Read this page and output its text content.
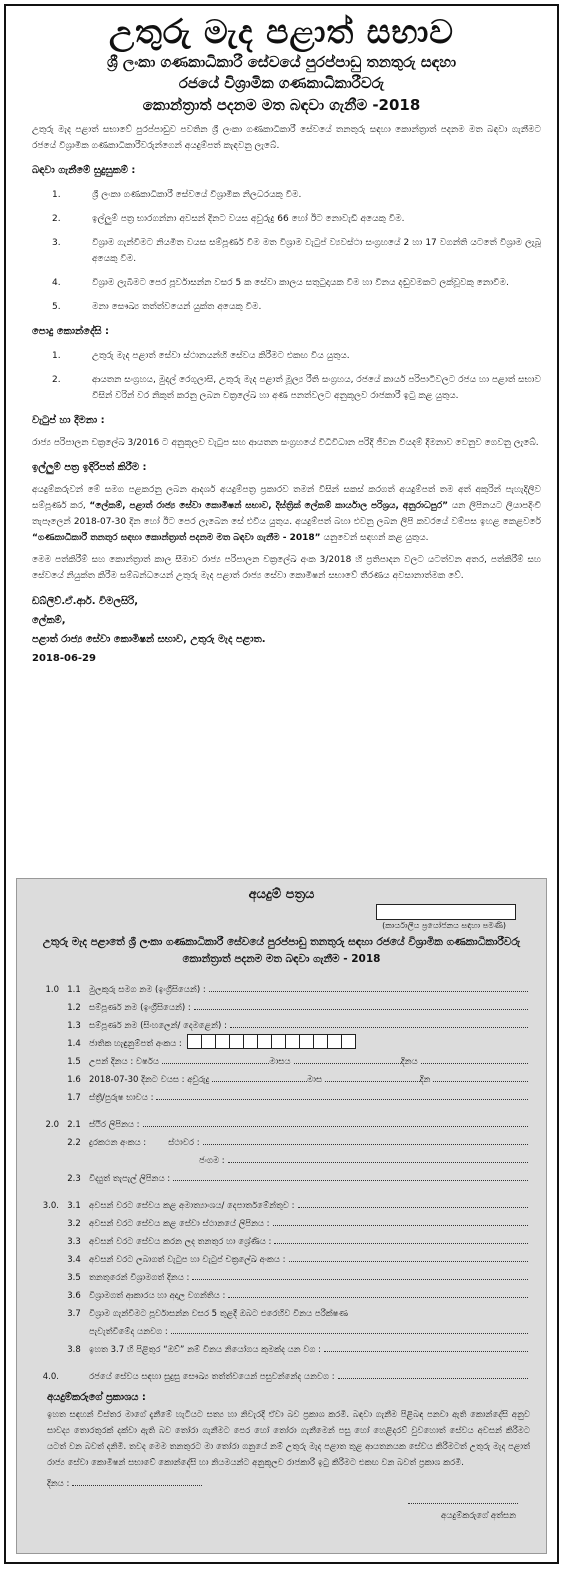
උතුරු මැද පළාත් සභාව
ශ්‍රී ලංකා ගණකාධිකාරී සේවයේ පුරප්පාඩු තනතුරු සඳහා
රජයේ විශ්‍රාමික ගණකාධිකාරීවරු
කොන්ත්‍රාත් පදනම මත බඳවා ගැනීම -2018
උතුරු මැද පළාත් සභාවේ පුරප්පාඩුව පවතින ශ්‍රී ලංකා ගණකාධිකාරී සේවයේ තනතුරු සඳහා කොන්ත්‍රාත් පදනම මත බඳවා ගැනීමට රජයේ විශ්‍රාමික ගණකාධිකාරීවරුන්ගෙන් අයදුම්පත් කැඳවනු ලැබේ.
බඳවා ගැනීමේ සුදුසුකම් :
1.	ශ්‍රී ලංකා ගණකාධිකාරී සේවයේ විශ්‍රාමික නිලධරයකු වීම.
2.	ඉල්ලුම් පත්‍ර භාරගන්නා අවසන් දිනට වයස අවුරුදු 66 හෝ ඊට නොවැඩි අයෙකු වීම.
3.	විශ්‍රාම ගැන්වීමට නියමිත වයස සම්පූර්ණ වීම මත විශ්‍රාම වැටුප් ව්‍යවස්ථා සංග්‍රහයේ 2 හා 17 වගන්ති යටතේ විශ්‍රාම ලැබූ අයෙකු වීම.
4.	විශ්‍රාම ලැබීමට පෙර පූර්වාසන්න වසර 5 ක සේවා කාලය සතුටුදායක වීම හා විනය දඬුවමකට ලක්වූවකු නොවීම.
5.	මනා සෞඛ්‍ය තත්ත්වයෙන් යුක්ත අයෙකු වීම.
පොදු කොන්දේසි :
1.	උතුරු මැද පළාත් සේවා ස්ථානයන්හි සේවය කිරීමට එකඟ විය යුතුය.
2.	ආයතන සංග්‍රහය, මුදල් රෙගුලාසි, උතුරු මැද පළාත් මූල්‍ය රීති සංග්‍රහය, රජයේ කාර්ය පරිපාටිවලට රජය හා පළාත් සභාව විසින් වරින් වර නිකුත් කරනු ලබන චක්‍රලේඛ හා අණ පනත්වලට අනුකූලව රාජකාරී ඉටු කළ යුතුය.
වැටුප් හා දීමනා :
රාජ්‍ය පරිපාලන චක්‍රලේඛ 3/2016 ට අනුකූලව වැටුප සහ ආයතන සංග්‍රහයේ විධිවිධාන පරිදි ජීවන වියදම් දීමනාව වෙනුව ගෙවනු ලැබේ.
ඉල්ලුම් පත්‍ර ඉදිරිපත් කිරීම :
අයදුම්කරුවන් මේ සමග පළකරනු ලබන ආදර්ශ අයදුම්පත්‍ර ප්‍රකාරව තමන් විසින් සකස් කරගත් අයදුම්පත් තම අත් අකුරින් පැහැදිලිව සම්පූර්ණ කර, “ලේකම්, පළාත් රාජ්‍ය සේවා කොමිෂන් සභාව, දිස්ත්‍රික් ලේකම් කාර්යාල පරිශ්‍රය, අනුරාධපුර” යන ලිපිනයට ලියාපදිංචි තැපෑලෙන් 2018-07-30 දින හෝ ඊට පෙර ලැබෙන සේ එවිය යුතුය. අයදුම්පත් බහා එවනු ලබන ලිපි කවරයේ වම්පස ඉහළ කෙළවරේ “ගණකාධිකාරී තනතුර සඳහා කොන්ත්‍රාත් පදනම මත බඳවා ගැනීම - 2018” යනුවෙන් සඳහන් කළ යුතුය.
මෙම පත්කිරීම් සහ කොන්ත්‍රාත් කාල සීමාව රාජ්‍ය පරිපාලන චක්‍රලේඛ අංක 3/2018 හි ප්‍රතිපාදන වලට යටත්වන අතර, පත්කිරීම් සහ සේවයේ නියුක්ත කිරීම සම්බන්ධයෙන් උතුරු මැද පළාත් රාජ්‍ය සේවා කොමිෂන් සභාවේ තීරණය අවසානාත්මක වේ.
ඩබ්ලිව්.ඒ.ආර්. විමලසිරි,
ලේකම්,
පළාත් රාජ්‍ය සේවා කොමිෂන් සභාව, උතුරු මැද පළාත.
2018-06-29
අයදුම් පත්‍රය
(කාර්යාලීය ප්‍රයෝජනය සඳහා පමණි)
උතුරු මැද පළාතේ ශ්‍රී ලංකා ගණකාධිකාරී සේවයේ පුරප්පාඩු තනතුරු සඳහා රජයේ විශ්‍රාමික ගණකාධිකාරීවරු කොන්ත්‍රාත් පදනම මත බඳවා ගැනීම - 2018
1.0 1.1 මුලකුරු සමග නම (ඉංග්‍රීසියෙන්) :
1.2 සම්පූර්ණ නම (ඉංග්‍රීසියෙන්) :
1.3 සම්පූර්ණ නම (සිංහලෙන්/ දෙමළෙන්) :
1.4 ජාතික හැඳුනුම්පත් අංකය :
1.5 උපන් දිනය : වර්ෂය	මාසය	දිනය
1.6 2018-07-30 දිනට වයස : අවුරුදු	මාස	දින
1.7 ස්ත්‍රී/පුරුෂ භාවය :
2.0 2.1 ස්ථිර ලිපිනය :
2.2 දුරකථන අංකය :	ස්ථාවර :
ජංගම :
2.3 විද්‍යුත් තැපැල් ලිපිනය :
3.0. 3.1 අවසන් වරට සේවය කළ අමාත්‍යාංශය/ දෙපාර්තමේන්තුව :
3.2 අවසන් වරට සේවය කළ සේවා ස්ථානයේ ලිපිනය :
3.3 අවසන් වරට සේවය කරන ලද තනතුර හා ශ්‍රේණිය :
3.4 අවසන් වරට ලබාගත් වැටුප හා වැටුප් චක්‍රලේඛ අංකය :
3.5 තනතුරෙන් විශ්‍රාමගත් දිනය :
3.6 විශ්‍රාමගත් ආකාරය හා අදාල වගන්තිය :
3.7 විශ්‍රාම ගැන්වීමට පූර්වාසන්න වසර 5 තුළදී ඔබට එරෙහිව විනය පරීක්ෂණ
පැවැත්වීමේද යනවග :
3.8 ඉහත 3.7 හි පිළිතුර “ඔව්” නම් විනය නියෝගය කුමක්ද යන වග :
4.0.	රජයේ සේවය සඳහා සුදුසු සෞඛ්‍ය තත්ත්වයෙන් පසුවන්නේද යනවග :
අයදුම්කරුගේ ප්‍රකාශය :
ඉහත සඳහන් විස්තර මාගේ දැනීමේ හැටියට සත්‍ය හා නිවැරදි ඒවා බව ප්‍රකාශ කරමි. බඳවා ගැනීම පිළිබඳ පනවා ඇති කොන්දේසි අනුව සාවද්‍ය තොරතුරක් දක්වා ඇති බව තෝරා ගැනීමට පෙර හෝ තෝරා ගැනීමෙන් පසු හෝ හෙළිදරව් වුවහොත් සේවය අවසන් කිරීමට යටත් වන බවත් දනිමි. තවද මෙම තනතුරට මා තෝරා ගනුයේ නම් උතුරු මැද පළාත තුළ ආයතනයක සේවය කිරීමටත් උතුරු මැද පළාත් රාජ්‍ය සේවා කොමිෂන් සභාවේ කොන්දේසි හා නියමයන්ට අනුකූලව රාජකාරී ඉටු කිරීමට එකඟ වන බවත් ප්‍රකාශ කරමි.
දිනය :
අයදුම්කරුගේ අත්සන
